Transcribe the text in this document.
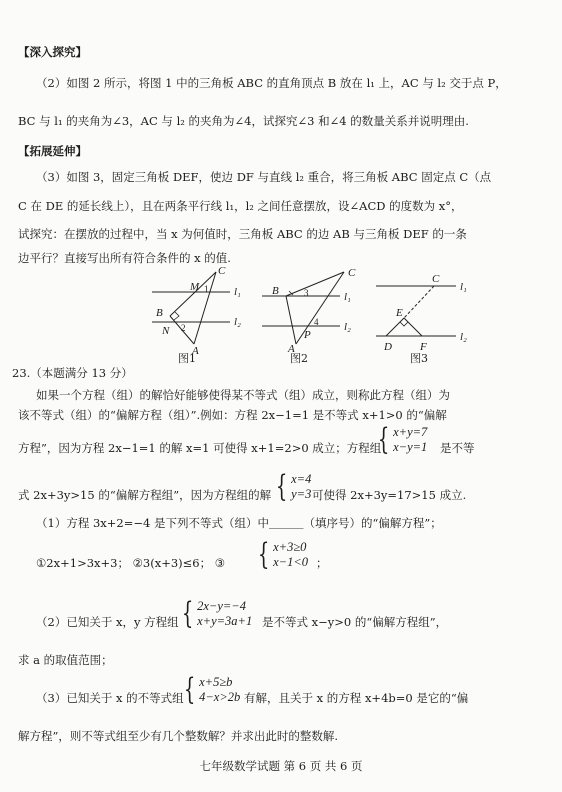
【深入探究】
（2）如图 2 所示，将图 1 中的三角板 ABC 的直角顶点 B 放在 l₁ 上，AC 与 l₂ 交于点 P，
BC 与 l₁ 的夹角为∠3，AC 与 l₂ 的夹角为∠4，试探究∠3 和∠4 的数量关系并说明理由.
【拓展延伸】
（3）如图 3，固定三角板 DEF，使边 DF 与直线 l₂ 重合，将三角板 ABC 固定点 C（点
C 在 DE 的延长线上），且在两条平行线 l₁，l₂ 之间任意摆放，设∠ACD 的度数为 x°，
试探究：在摆放的过程中，当 x 为何值时，三角板 ABC 的边 AB 与三角板 DEF 的一条
边平行？直接写出所有符合条件的 x 的值.
C
M 1 l₁
B
N 2
A
l₂
图1
C
B	3	l₁
4
A
P
l₂
图2
C
l₁
E
D	F
l₂
图3
23.（本题满分 13 分）
如果一个方程（组）的解恰好能够使得某不等式（组）成立，则称此方程（组）为
该不等式（组）的“偏解方程（组）”.例如：方程 2x−1=1 是不等式 x+1>0 的“偏解
方程”，因为方程 2x−1=1 的解 x=1 可使得 x+1=2>0 成立；方程组
{ x+y=7
x−y=1 是不等
式 2x+3y>15 的“偏解方程组”，因为方程组的解 { x=4
y=3 可使得 2x+3y=17>15 成立.
（1）方程 3x+2=−4 是下列不等式（组）中＿＿＿（填序号）的“偏解方程”；
①2x+1>3x+3； ②3(x+3)≤6； ③ { x+3≥0
x−1<0 ；
（2）已知关于 x，y 方程组 { 2x−y=−4
x+y=3a+1 是不等式 x−y>0 的“偏解方程组”，
求 a 的取值范围；
（3）已知关于 x 的不等式组 { x+5≥b
4−x>2b 有解，且关于 x 的方程 x+4b=0 是它的“偏
解方程”，则不等式组至少有几个整数解？并求出此时的整数解.
七年级数学试题 第 6 页 共 6 页
